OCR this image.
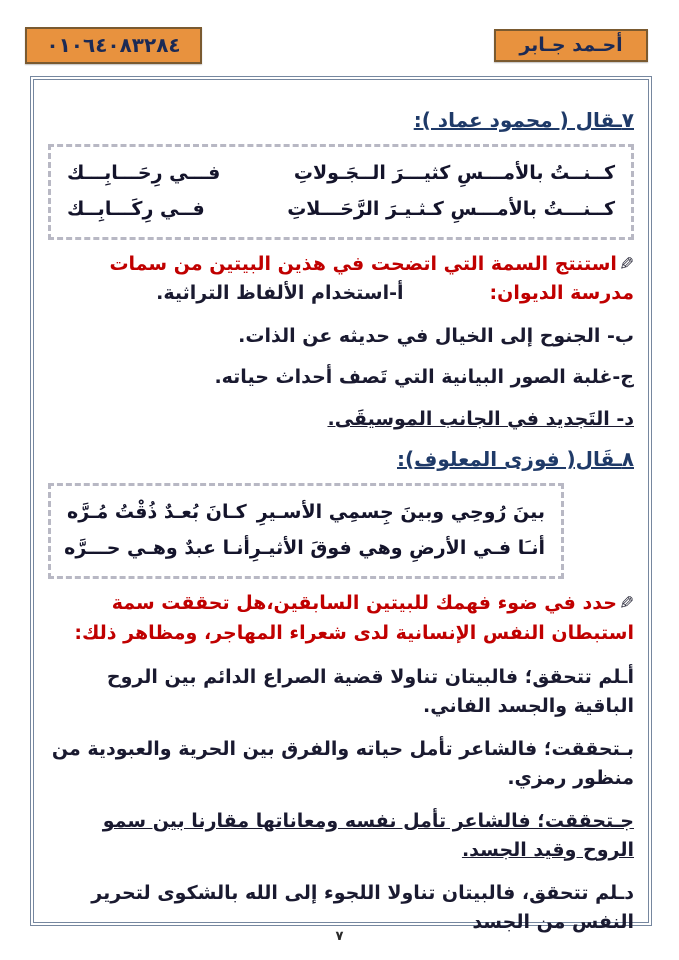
٠١٠٦٤٠٨٣٢٨٤	أحـمد جـابر
٧ـقال ( محمود عماد ):
كــنــتُ بالأمـــسِ كثيـــرَ الــجَـولاتِ
فـــي رِحَـــابِـــك
كــنـــتُ بالأمـــسِ كـثـيـرَ الرَّحَـــلاتِ
فــي رِكَـــابِــك
✎استنتج السمة التي اتضحت في هذين البيتين من سمات مدرسة الديوان:أ-استخدام الألفاظ التراثية.
ب- الجنوح إلى الخيال في حديثه عن الذات.
ج-غلبة الصور البيانية التي تَصف أحداث حياته.
د- التَجديد في الجانب الموسيقَى.
٨ـقَال( فوزى المعلوف):
بينَ رُوحِي وبينَ جِسمِي الأسـيرِ
كـانَ بُعـدٌ ذُقْتُ مُـرَّه
أنـَا فـي الأرضِ وهي فوقَ الأثيـرِ
أنـا عبدٌ وهـي حـــرَّه
✎حدد في ضوء فهمك للبيتين السابقين،هل تحققت سمة استبطان النفس الإنسانية لدى شعراء المهاجر، ومظاهر ذلك:
أـلم تتحقق؛ فالبيتان تناولا قضية الصراع الدائم بين الروح الباقية والجسد الفاني.
بـتحققت؛ فالشاعر تأمل حياته والفرق بين الحرية والعبودية من منظور رمزي.
جـتحققت؛ فالشاعر تأمل نفسه ومعاناتها مقارنا بين سمو الروح وقيد الجسد.
دـلم تتحقق، فالبيتان تناولا اللجوء إلى الله بالشكوى لتحرير النفس من الجسد
٧
